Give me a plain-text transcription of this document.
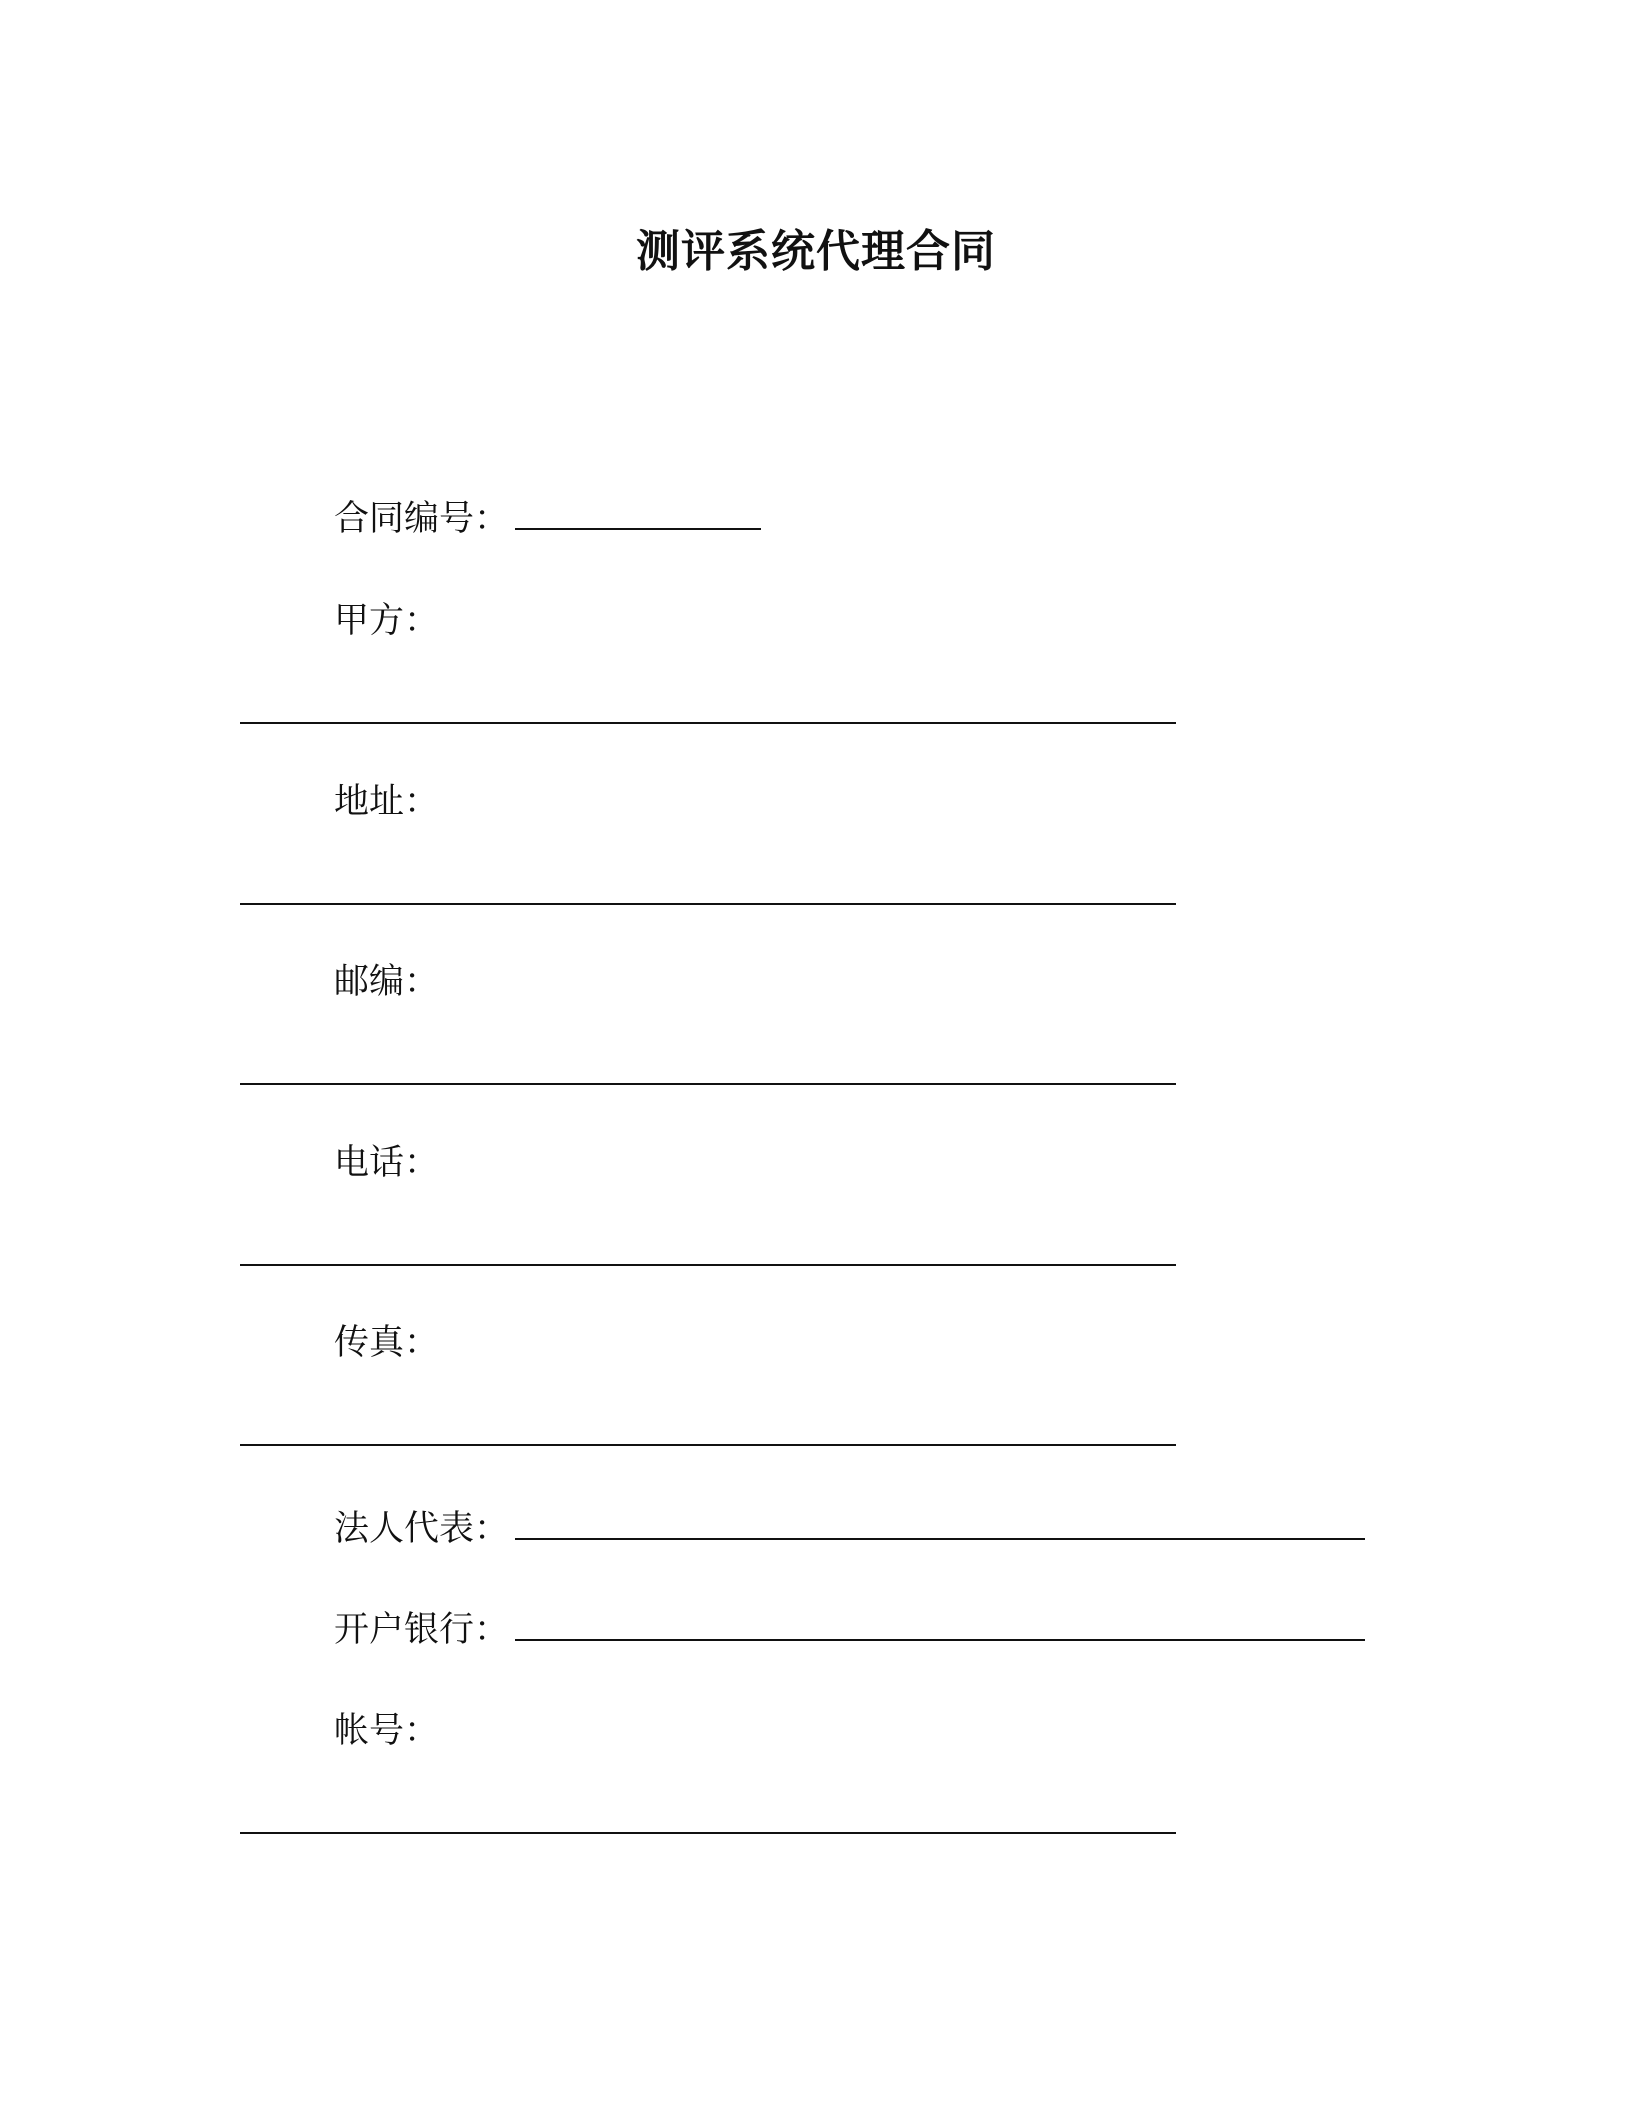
测评系统代理合同
合同编号：
甲方：
地址：
邮编：
电话：
传真：
法人代表：
开户银行：
帐号：
